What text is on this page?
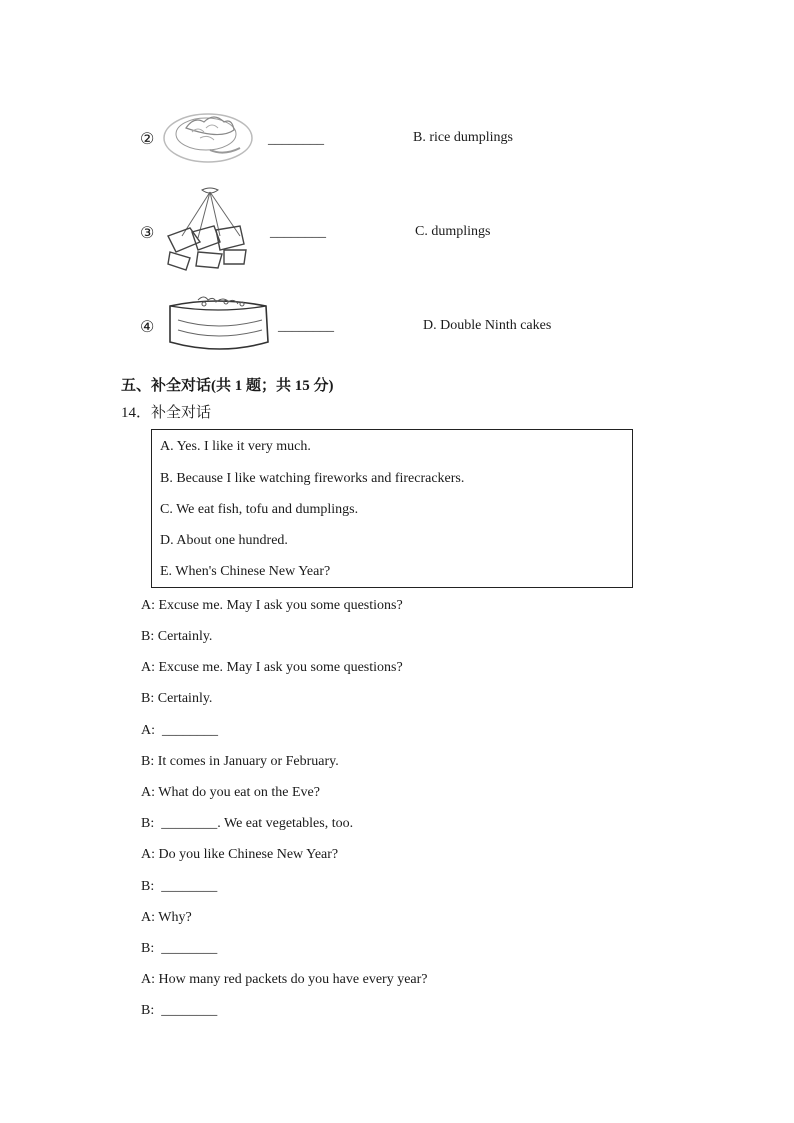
②	________	B. rice dumplings
③	________	C. dumplings
④	________	D. Double Ninth cakes
五、补全对话(共 1 题；共 15 分)
14．补全对话
A. Yes. I like it very much.
B. Because I like watching fireworks and firecrackers.
C. We eat fish, tofu and dumplings.
D. About one hundred.
E. When's Chinese New Year?
A: Excuse me. May I ask you some questions?
B: Certainly.
A: Excuse me. May I ask you some questions?
B: Certainly.
A: ________
B: It comes in January or February.
A: What do you eat on the Eve?
B: ________. We eat vegetables, too.
A: Do you like Chinese New Year?
B: ________
A: Why?
B: ________
A: How many red packets do you have every year?
B: ________
